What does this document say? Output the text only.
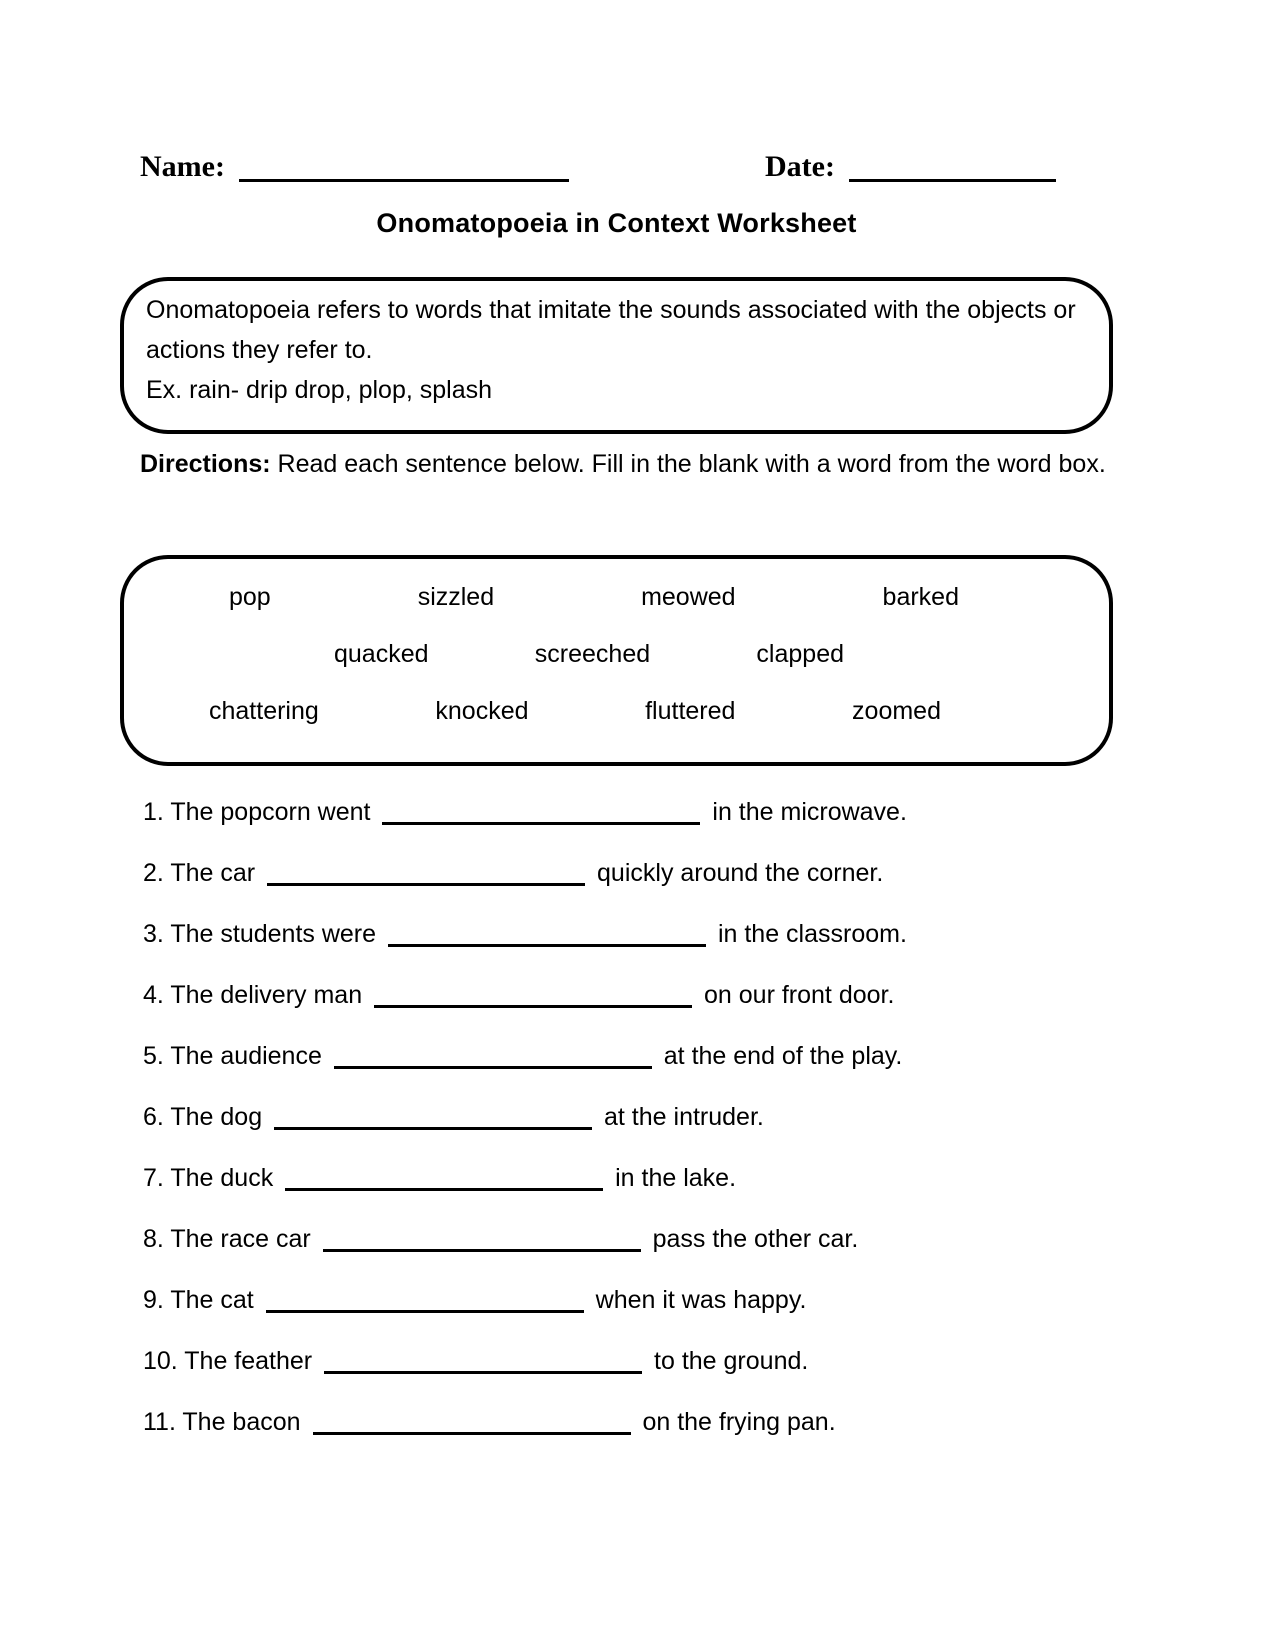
Name:	Date:
Onomatopoeia in Context Worksheet

Onomatopoeia refers to words that imitate the sounds associated with the objects or actions they refer to.

Ex. rain- drip drop, plop, splash

Directions: Read each sentence below. Fill in the blank with a word from the word box.
pop	sizzled	meowed	barked
quacked	screeched	clapped
chattering	knocked	fluttered	zoomed
1. The popcorn went	in the microwave.
2. The car	quickly around the corner.
3. The students were	in the classroom.
4. The delivery man	on our front door.
5. The audience	at the end of the play.
6. The dog	at the intruder.
7. The duck	in the lake.
8. The race car	pass the other car.
9. The cat	when it was happy.
10. The feather	to the ground.
11. The bacon	on the frying pan.
